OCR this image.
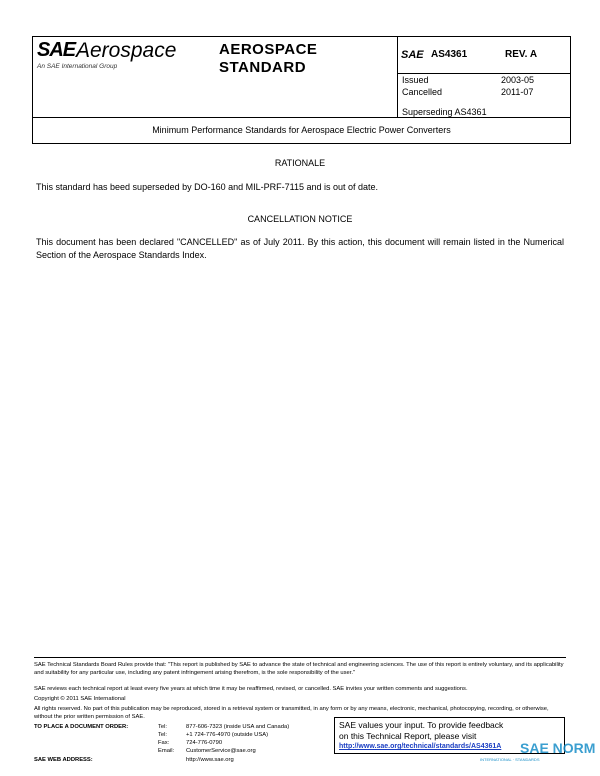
SAE Aerospace
An SAE International Group
AEROSPACE
STANDARD
SAE AS4361	REV. A
Issued	2003-05
Cancelled	2011-07
Superseding AS4361
Minimum Performance Standards for Aerospace Electric Power Converters
RATIONALE
This standard has beed superseded by DO-160 and MIL-PRF-7115 and is out of date.
CANCELLATION NOTICE
This document has been declared "CANCELLED" as of July 2011. By this action, this document will remain listed in the Numerical Section of the Aerospace Standards Index.
SAE Technical Standards Board Rules provide that: "This report is published by SAE to advance the state of technical and engineering sciences. The use of this report is entirely voluntary, and its applicability and suitability for any particular use, including any patent infringement arising therefrom, is the sole responsibility of the user."
SAE reviews each technical report at least every five years at which time it may be reaffirmed, revised, or cancelled. SAE invites your written comments and suggestions.
Copyright © 2011 SAE International
All rights reserved. No part of this publication may be reproduced, stored in a retrieval system or transmitted, in any form or by any means, electronic, mechanical, photocopying, recording, or otherwise, without the prior written permission of SAE.
TO PLACE A DOCUMENT ORDER:
SAE WEB ADDRESS:
Tel:	877-606-7323 (inside USA and Canada)
Tel:	+1 724-776-4970 (outside USA)
Fax:	724-776-0790
Email: CustomerService@sae.org
http://www.sae.org
SAE values your input. To provide feedback
on this Technical Report, please visit
http://www.sae.org/technical/standards/AS4361A SAE NORM
INTERNATIONAL · STANDARDS
